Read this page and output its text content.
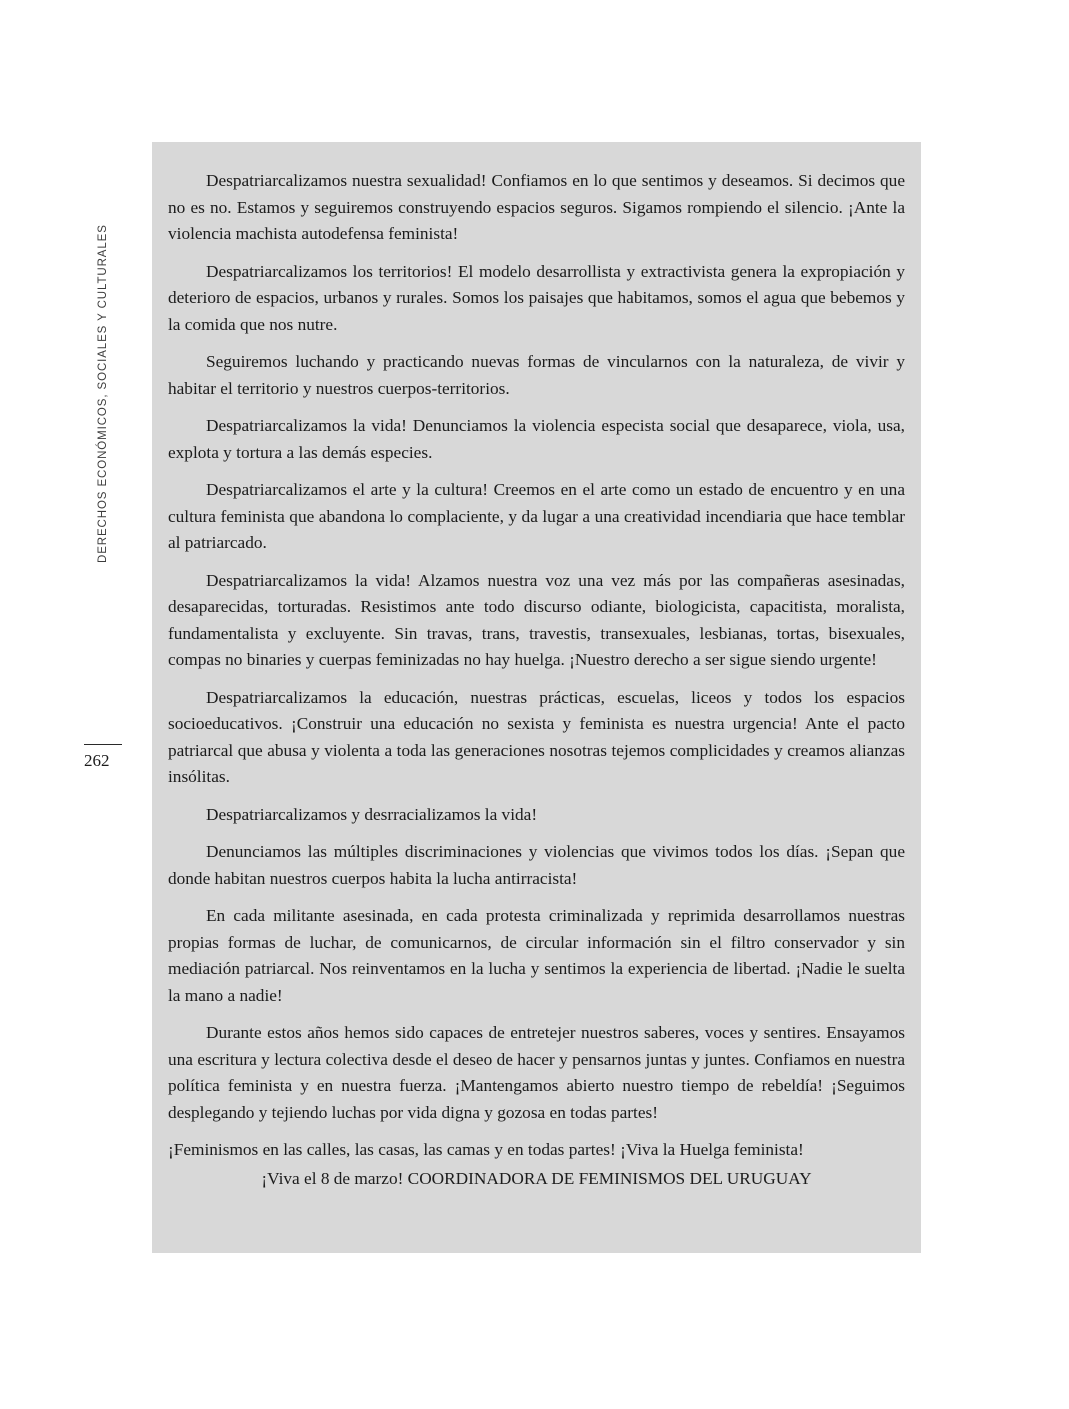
DERECHOS ECONÓMICOS, SOCIALES Y CULTURALES
262

Despatriarcalizamos nuestra sexualidad! Confiamos en lo que sentimos y deseamos. Si decimos que no es no. Estamos y seguiremos construyendo espacios seguros. Sigamos rompiendo el silencio. ¡Ante la violencia machista autodefensa feminista!

Despatriarcalizamos los territorios! El modelo desarrollista y extractivista genera la expropiación y deterioro de espacios, urbanos y rurales. Somos los paisajes que habitamos, somos el agua que bebemos y la comida que nos nutre.

Seguiremos luchando y practicando nuevas formas de vincularnos con la naturaleza, de vivir y habitar el territorio y nuestros cuerpos-territorios.

Despatriarcalizamos la vida! Denunciamos la violencia especista social que desaparece, viola, usa, explota y tortura a las demás especies.

Despatriarcalizamos el arte y la cultura! Creemos en el arte como un estado de encuentro y en una cultura feminista que abandona lo complaciente, y da lugar a una creatividad incendiaria que hace temblar al patriarcado.

Despatriarcalizamos la vida! Alzamos nuestra voz una vez más por las compañeras asesinadas, desaparecidas, torturadas. Resistimos ante todo discurso odiante, biologicista, capacitista, moralista, fundamentalista y excluyente. Sin travas, trans, travestis, transexuales, lesbianas, tortas, bisexuales, compas no binaries y cuerpas feminizadas no hay huelga. ¡Nuestro derecho a ser sigue siendo urgente!

Despatriarcalizamos la educación, nuestras prácticas, escuelas, liceos y todos los espacios socioeducativos. ¡Construir una educación no sexista y feminista es nuestra urgencia! Ante el pacto patriarcal que abusa y violenta a toda las generaciones nosotras tejemos complicidades y creamos alianzas insólitas.

Despatriarcalizamos y desrracializamos la vida!

Denunciamos las múltiples discriminaciones y violencias que vivimos todos los días. ¡Sepan que donde habitan nuestros cuerpos habita la lucha antirracista!

En cada militante asesinada, en cada protesta criminalizada y reprimida desarrollamos nuestras propias formas de luchar, de comunicarnos, de circular información sin el filtro conservador y sin mediación patriarcal. Nos reinventamos en la lucha y sentimos la experiencia de libertad. ¡Nadie le suelta la mano a nadie!

Durante estos años hemos sido capaces de entretejer nuestros saberes, voces y sentires. Ensayamos una escritura y lectura colectiva desde el deseo de hacer y pensarnos juntas y juntes. Confiamos en nuestra política feminista y en nuestra fuerza. ¡Mantengamos abierto nuestro tiempo de rebeldía! ¡Seguimos desplegando y tejiendo luchas por vida digna y gozosa en todas partes!

¡Feminismos en las calles, las casas, las camas y en todas partes! ¡Viva la Huelga feminista!
¡Viva el 8 de marzo! COORDINADORA DE FEMINISMOS DEL URUGUAY
